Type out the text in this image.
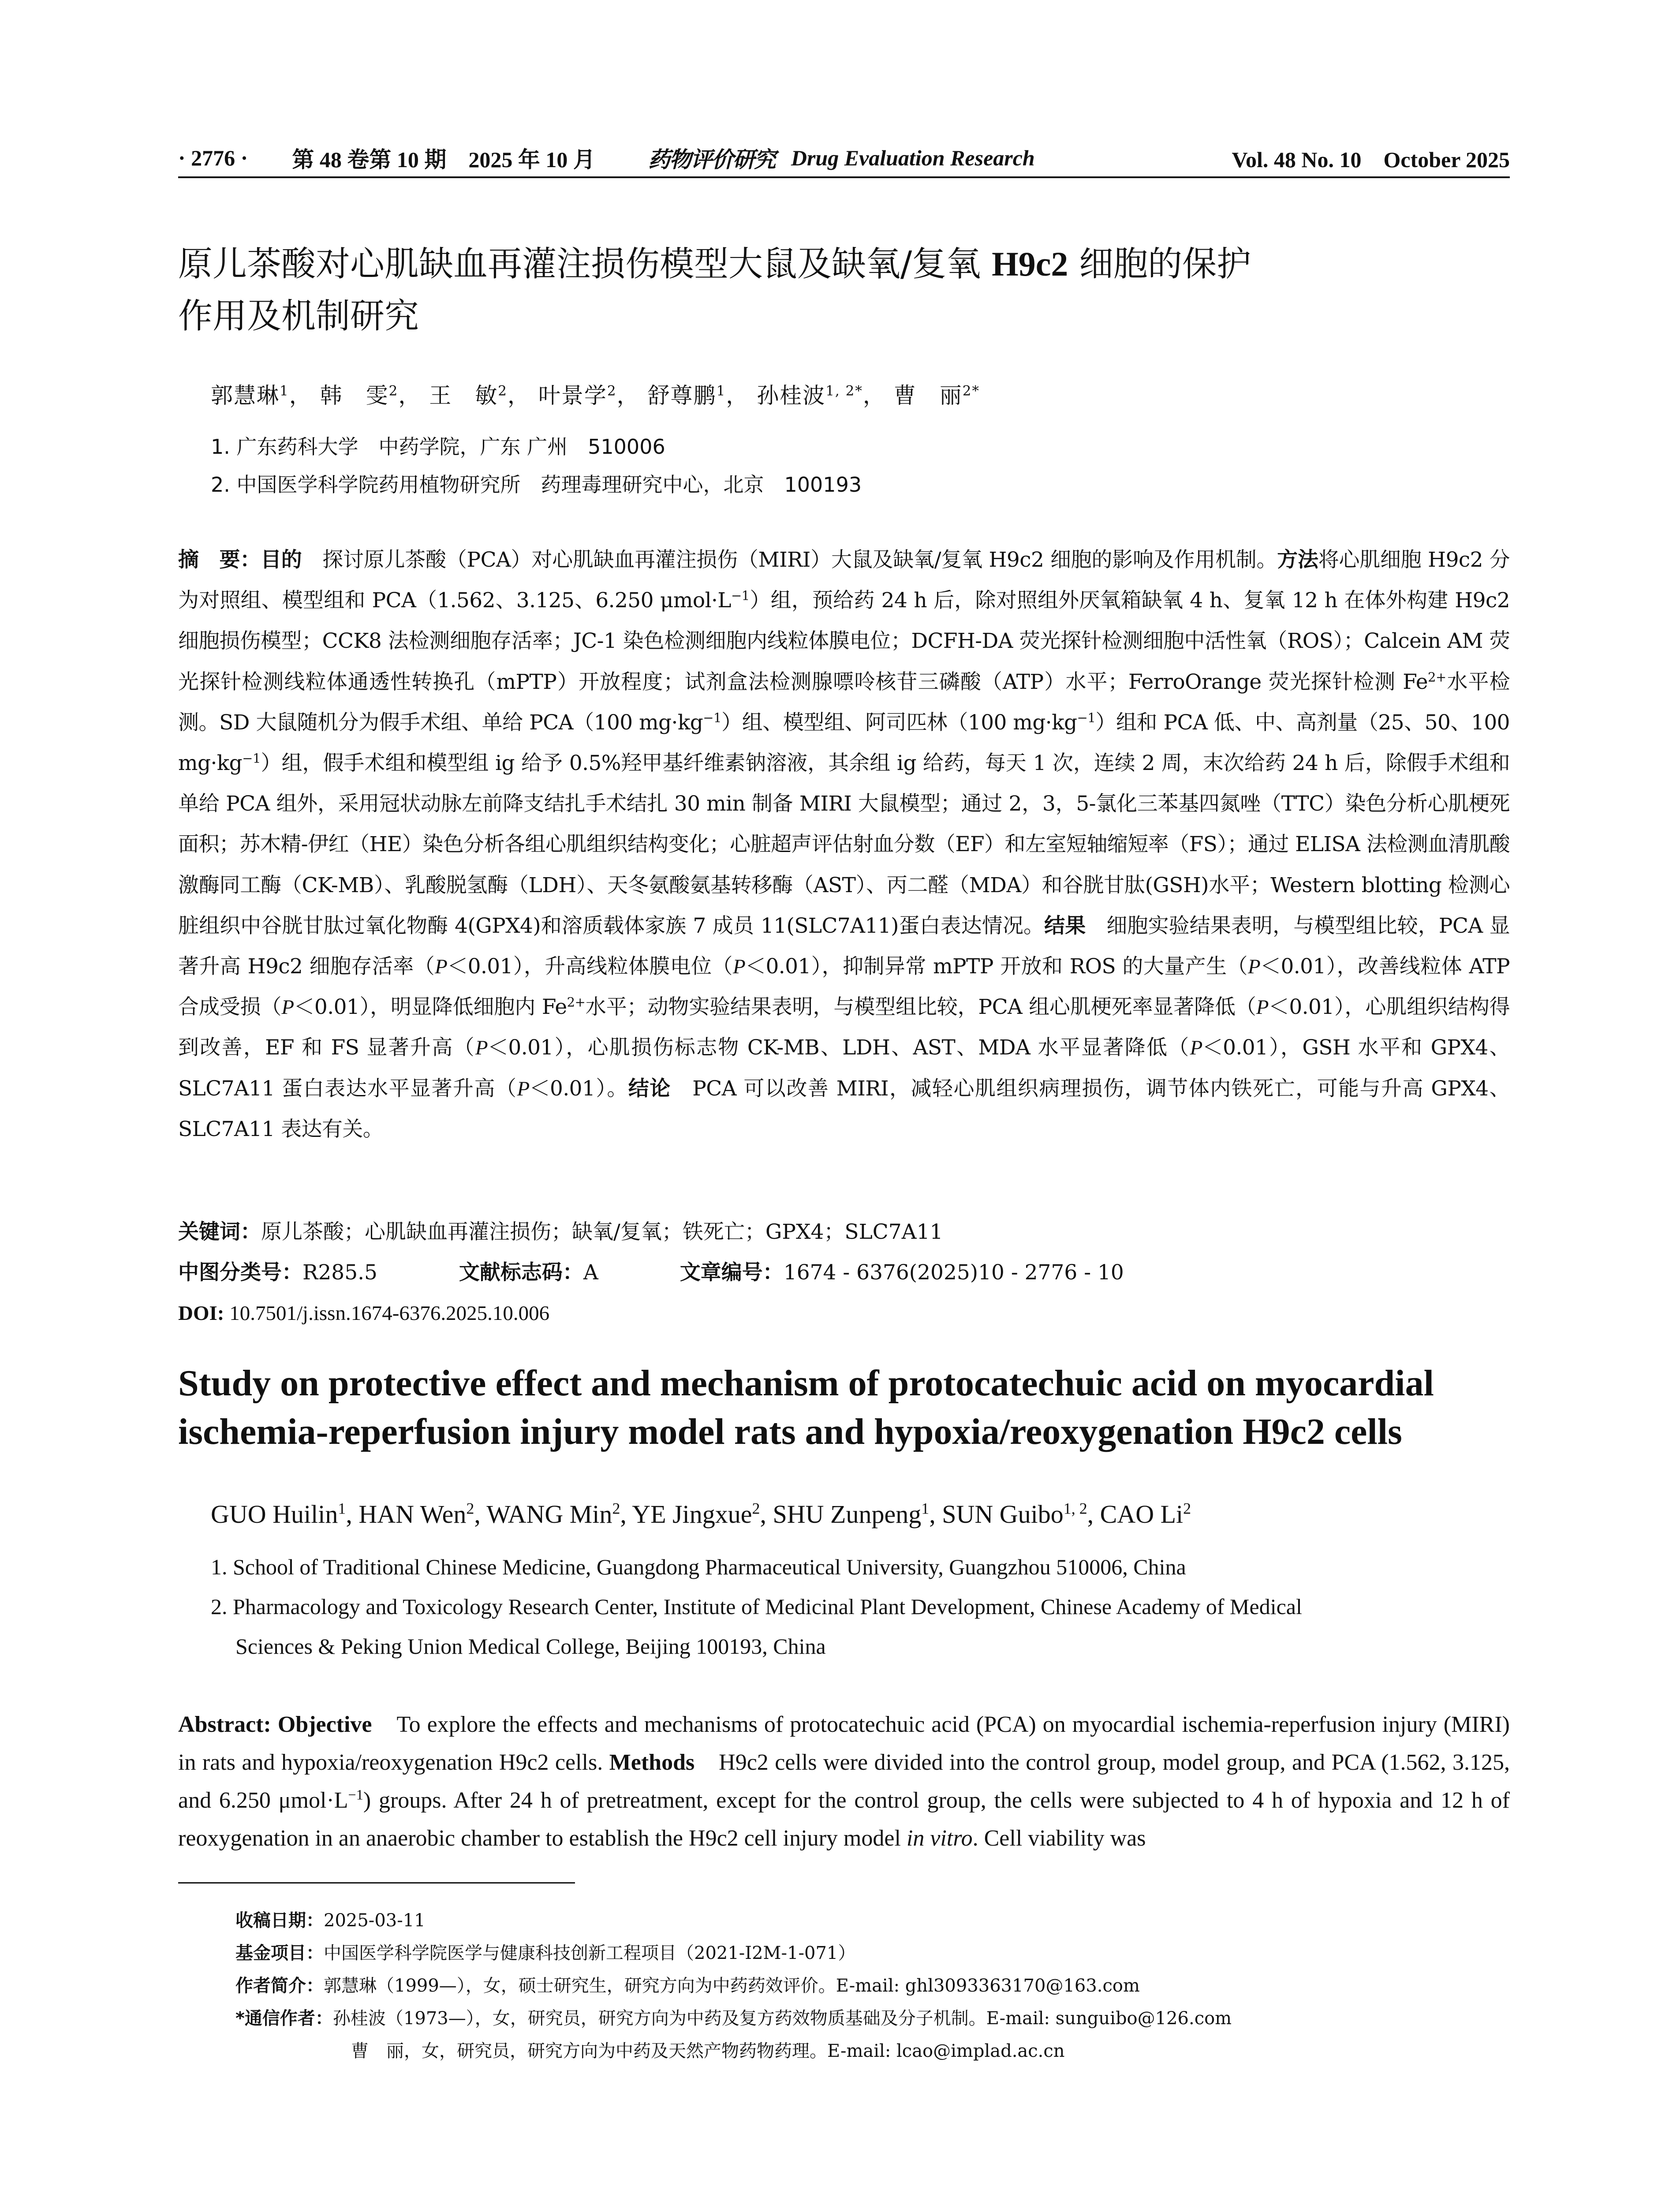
· 2776 · 第 48 卷第 10 期　2025 年 10 月 药物评价研究 Drug Evaluation Research	Vol. 48 No. 10　October 2025
原儿茶酸对心肌缺血再灌注损伤模型大鼠及缺氧/复氧 H9c2 细胞的保护
作用及机制研究
郭慧琳$^1$， 韩　雯$^2$， 王　敏$^2$， 叶景学$^2$， 舒尊鹏$^1$， 孙桂波$^{1, 2*}$， 曹　丽$^{2*}$
1. 广东药科大学　中药学院，广东 广州　510006
2. 中国医学科学院药用植物研究所　药理毒理研究中心，北京　100193
摘　要：目的　探讨原儿茶酸（PCA）对心肌缺血再灌注损伤（MIRI）大鼠及缺氧/复氧 H9c2 细胞的影响及作用机制。方法将心肌细胞 H9c2 分为对照组、模型组和 PCA（1.562、3.125、6.250 $\mu mol\cdot L^{-1}$）组，预给药 24 h 后，除对照组外厌氧箱缺氧 4 h、复氧 12 h 在体外构建 H9c2 细胞损伤模型；CCK8 法检测细胞存活率；JC-1 染色检测细胞内线粒体膜电位；DCFH-DA 荧光探针检测细胞中活性氧（ROS）；Calcein AM 荧光探针检测线粒体通透性转换孔（mPTP）开放程度；试剂盒法检测腺嘌呤核苷三磷酸（ATP）水平；FerroOrange 荧光探针检测 $Fe^{2+}$水平检测。SD 大鼠随机分为假手术组、单给 PCA（100 $mg\cdot kg^{-1}$）组、模型组、阿司匹林（100 $mg\cdot kg^{-1}$）组和 PCA 低、中、高剂量（25、50、100 $mg\cdot kg^{-1}$）组，假手术组和模型组 ig 给予 0.5%羟甲基纤维素钠溶液，其余组 ig 给药，每天 1 次，连续 2 周，末次给药 24 h 后，除假手术组和单给 PCA 组外，采用冠状动脉左前降支结扎手术结扎 30 min 制备 MIRI 大鼠模型；通过 2，3，5-氯化三苯基四氮唑（TTC）染色分析心肌梗死面积；苏木精-伊红（HE）染色分析各组心肌组织结构变化；心脏超声评估射血分数（EF）和左室短轴缩短率（FS）；通过 ELISA 法检测血清肌酸激酶同工酶（CK-MB）、乳酸脱氢酶（LDH）、天冬氨酸氨基转移酶（AST）、丙二醛（MDA）和谷胱甘肽(GSH)水平；Western blotting 检测心脏组织中谷胱甘肽过氧化物酶 4(GPX4)和溶质载体家族 7 成员 11(SLC7A11)蛋白表达情况。结果　细胞实验结果表明，与模型组比较，PCA 显著升高 H9c2 细胞存活率（P＜0.01），升高线粒体膜电位（P＜0.01），抑制异常 mPTP 开放和 ROS 的大量产生（P＜0.01），改善线粒体 ATP 合成受损（P＜0.01），明显降低细胞内 $Fe^{2+}$水平；动物实验结果表明，与模型组比较，PCA 组心肌梗死率显著降低（P＜0.01），心肌组织结构得到改善，EF 和 FS 显著升高（P＜0.01），心肌损伤标志物 CK-MB、LDH、AST、MDA 水平显著降低（P＜0.01），GSH 水平和 GPX4、SLC7A11 蛋白表达水平显著升高（P＜0.01）。结论　PCA 可以改善 MIRI，减轻心肌组织病理损伤，调节体内铁死亡，可能与升高 GPX4、SLC7A11 表达有关。
关键词：原儿茶酸；心肌缺血再灌注损伤；缺氧/复氧；铁死亡；GPX4；SLC7A11
中图分类号：R285.5	文献标志码：A	文章编号：1674 - 6376(2025)10 - 2776 - 10
DOI: 10.7501/j.issn.1674-6376.2025.10.006
Study on protective effect and mechanism of protocatechuic acid on myocardial ischemia-reperfusion injury model rats and hypoxia/reoxygenation H9c2 cells
GUO Huilin$^1$, HAN Wen$^2$, WANG Min$^2$, YE Jingxue$^2$, SHU Zunpeng$^1$, SUN Guibo$^{1, 2}$, CAO Li$^2$
1. School of Traditional Chinese Medicine, Guangdong Pharmaceutical University, Guangzhou 510006, China
2. Pharmacology and Toxicology Research Center, Institute of Medicinal Plant Development, Chinese Academy of Medical
Sciences & Peking Union Medical College, Beijing 100193, China
Abstract: Objective　To explore the effects and mechanisms of protocatechuic acid (PCA) on myocardial ischemia-reperfusion injury (MIRI) in rats and hypoxia/reoxygenation H9c2 cells. Methods　H9c2 cells were divided into the control group, model group, and PCA (1.562, 3.125, and 6.250 $\mu mol\cdot L^{-1}$) groups. After 24 h of pretreatment, except for the control group, the cells were subjected to 4 h of hypoxia and 12 h of reoxygenation in an anaerobic chamber to establish the H9c2 cell injury model in vitro. Cell viability was
收稿日期：2025-03-11
基金项目：中国医学科学院医学与健康科技创新工程项目（2021-I2M-1-071）
作者简介：郭慧琳（1999—），女，硕士研究生，研究方向为中药药效评价。E-mail: ghl3093363170@163.com
*通信作者：孙桂波（1973—），女，研究员，研究方向为中药及复方药效物质基础及分子机制。E-mail: sunguibo@126.com
曹　丽，女，研究员，研究方向为中药及天然产物药物药理。E-mail: lcao@implad.ac.cn
